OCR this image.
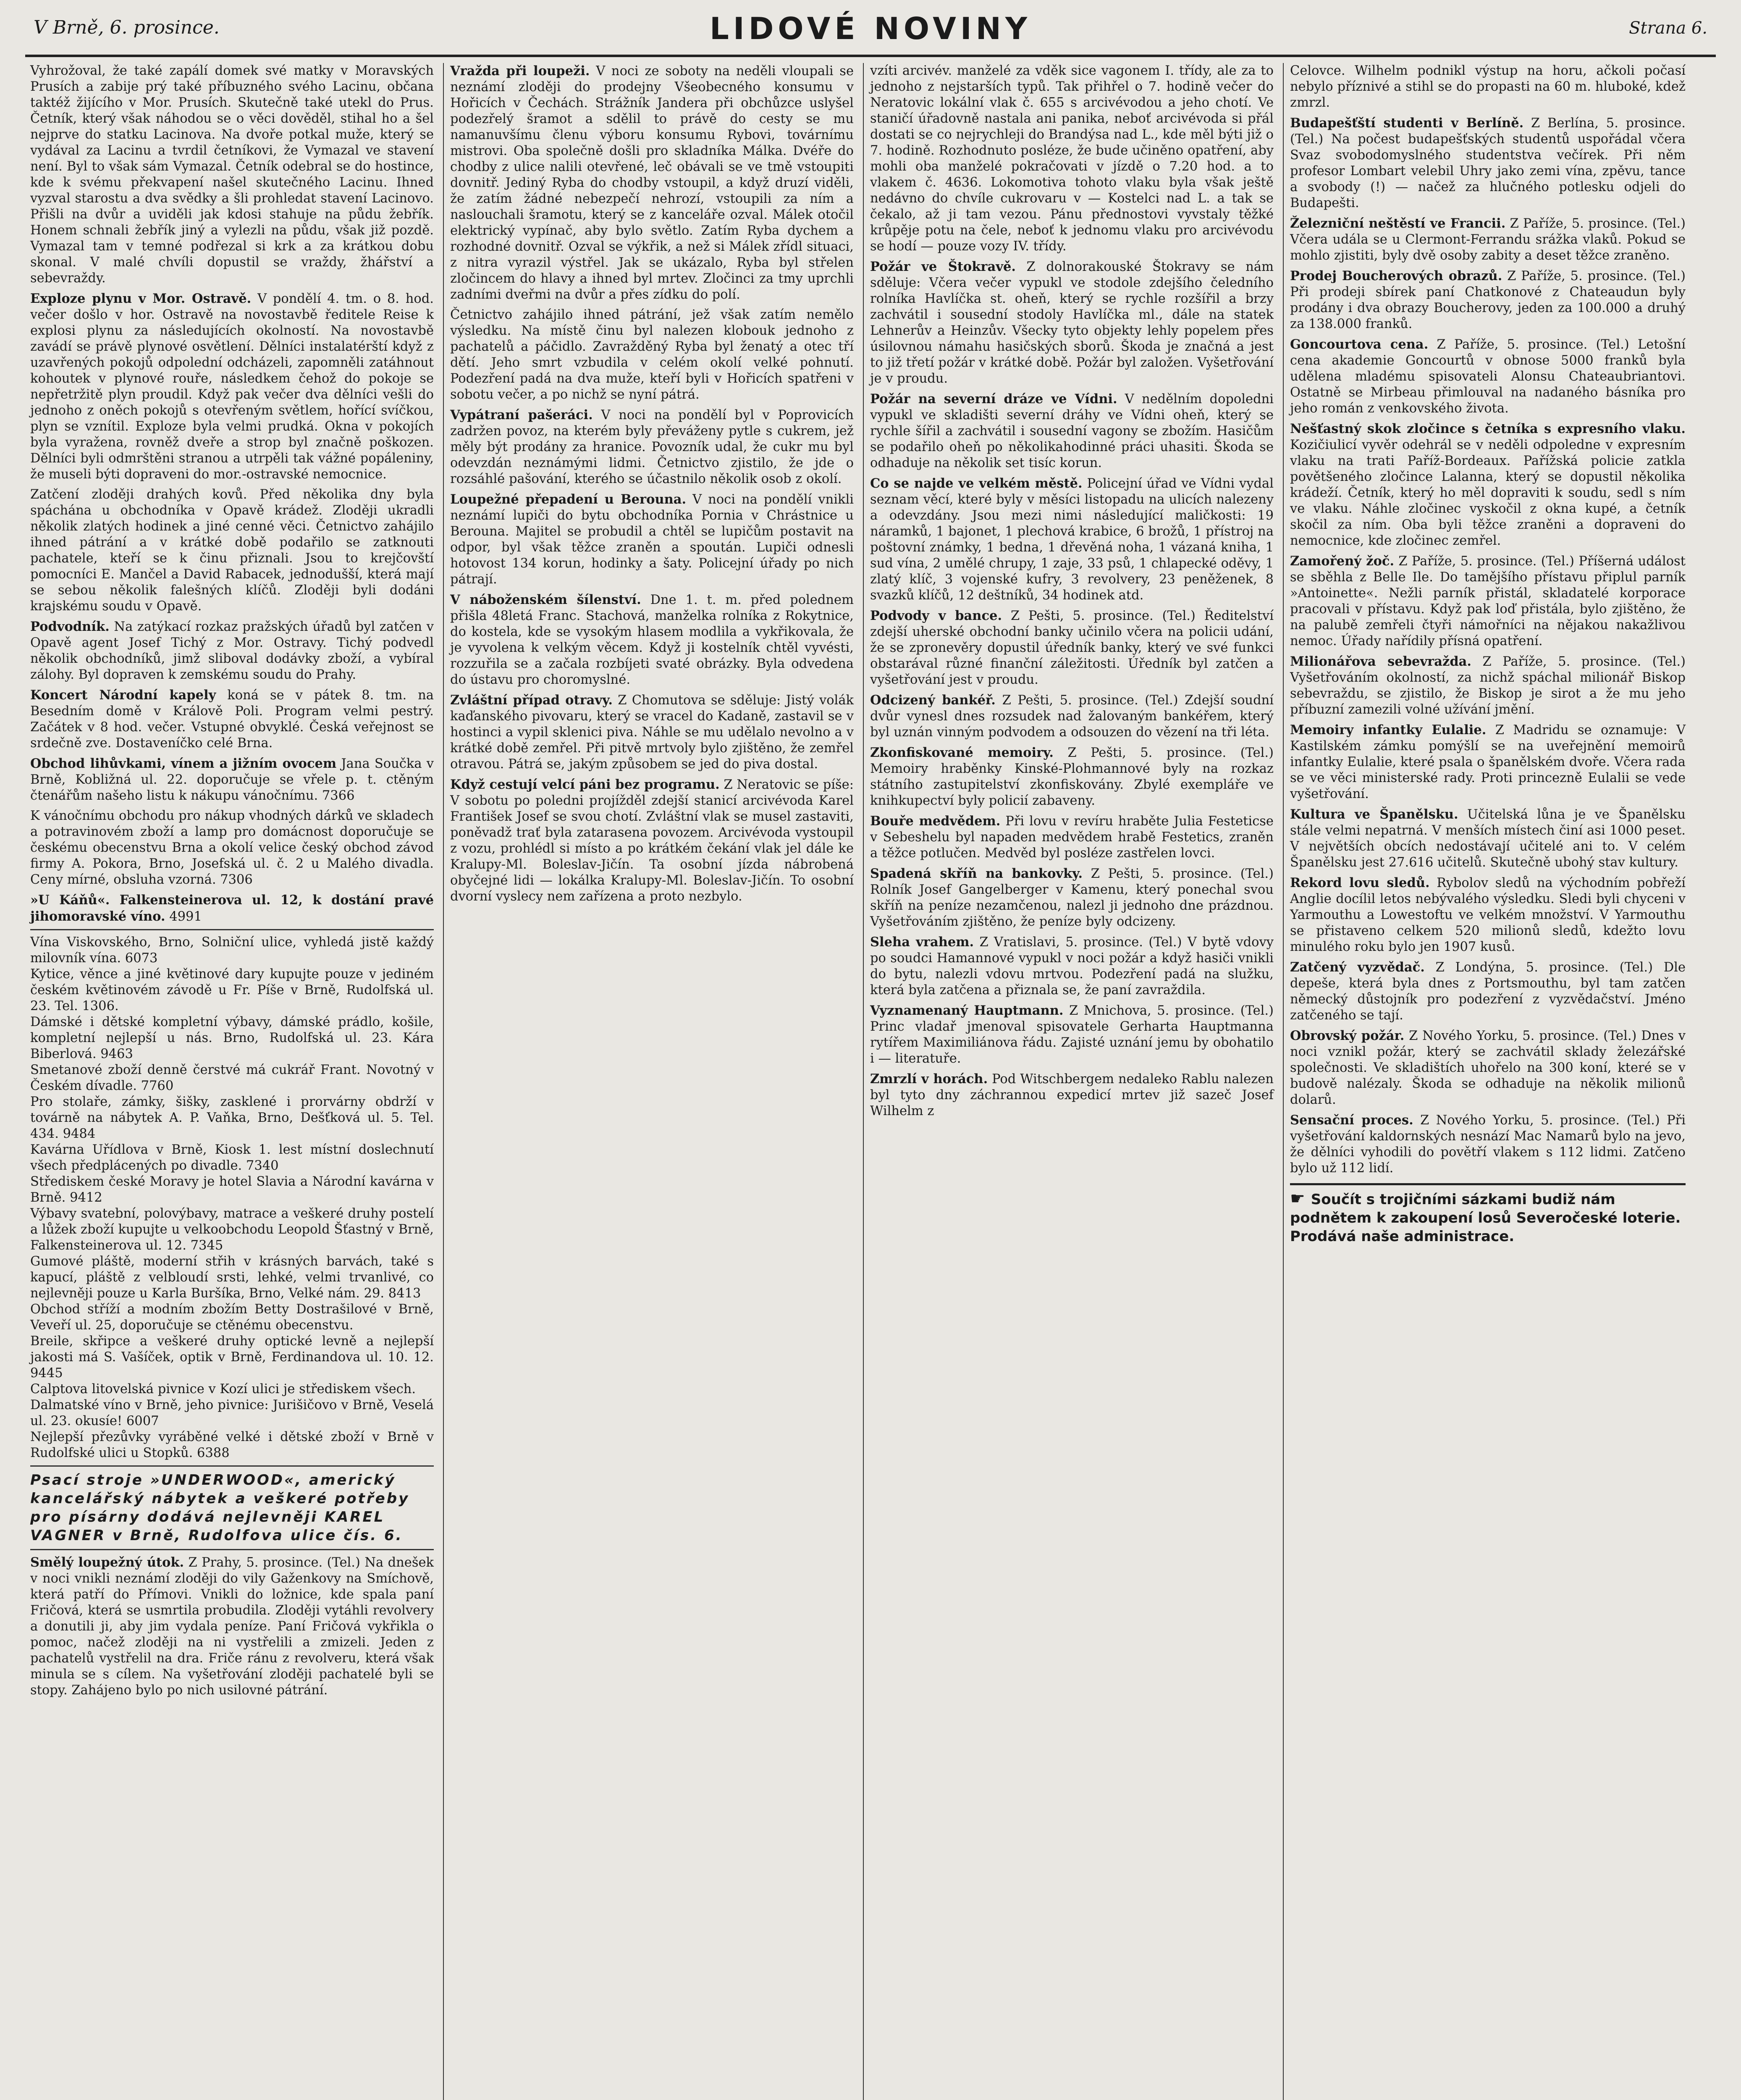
V Brně, 6. prosince.	LIDOVÉ NOVINY	Strana 6.

Vyhrožoval, že také zapálí domek své matky v Moravských Prusích a zabije prý také příbuzného svého Lacinu, občana taktéž žijícího v Mor. Prusích. Skutečně také utekl do Prus. Četník, který však náhodou se o věci dověděl, stihal ho a šel nejprve do statku Lacinova. Na dvoře potkal muže, který se vydával za Lacinu a tvrdil četníkovi, že Vymazal ve stavení není. Byl to však sám Vymazal. Četník odebral se do hostince, kde k svému překvapení našel skutečného Lacinu. Ihned vyzval starostu a dva svědky a šli prohledat stavení Lacinovo. Přišli na dvůr a uviděli jak kdosi stahuje na půdu žebřík. Honem schnali žebřík jiný a vylezli na půdu, však již pozdě. Vymazal tam v temné podřezal si krk a za krátkou dobu skonal. V malé chvíli dopustil se vraždy, žhářství a sebevraždy.

Exploze plynu v Mor. Ostravě. V pondělí 4. tm. o 8. hod. večer došlo v hor. Ostravě na novostavbě ředitele Reise k explosi plynu za následujících okolností. Na novostavbě zavádí se právě plynové osvětlení. Dělníci instalatérští když z uzavřených pokojů odpolední odcházeli, zapomněli zatáhnout kohoutek v plynové rouře, následkem čehož do pokoje se nepřetržitě plyn proudil. Když pak večer dva dělníci vešli do jednoho z oněch pokojů s otevřeným světlem, hořící svíčkou, plyn se vznítil. Exploze byla velmi prudká. Okna v pokojích byla vyražena, rovněž dveře a strop byl značně poškozen. Dělníci byli odmrštěni stranou a utrpěli tak vážné popáleniny, že museli býti dopraveni do mor.-ostravské nemocnice.

Zatčení zloději drahých kovů. Před několika dny byla spáchána u obchodníka v Opavě krádež. Zloději ukradli několik zlatých hodinek a jiné cenné věci. Četnictvo zahájilo ihned pátrání a v krátké době podařilo se zatknouti pachatele, kteří se k činu přiznali. Jsou to krejčovští pomocníci E. Mančel a David Rabacek, jednodušší, která mají se sebou několik falešných klíčů. Zloději byli dodáni krajskému soudu v Opavě.

Podvodník. Na zatýkací rozkaz pražských úřadů byl zatčen v Opavě agent Josef Tichý z Mor. Ostravy. Tichý podvedl několik obchodníků, jimž sliboval dodávky zboží, a vybíral zálohy. Byl dopraven k zemskému soudu do Prahy.

Koncert Národní kapely koná se v pátek 8. tm. na Besedním domě v Králově Poli. Program velmi pestrý. Začátek v 8 hod. večer. Vstupné obvyklé. Česká veřejnost se srdečně zve. Dostaveníčko celé Brna.

Obchod lihůvkami, vínem a jižním ovocem Jana Součka v Brně, Kobližná ul. 22. doporučuje se vřele p. t. ctěným čtenářům našeho listu k nákupu vánočnímu. 7366

K vánočnímu obchodu pro nákup vhodných dárků ve skladech a potravinovém zboží a lamp pro domácnost doporučuje se českému obecenstvu Brna a okolí velice český obchod závod firmy A. Pokora, Brno, Josefská ul. č. 2 u Malého divadla. Ceny mírné, obsluha vzorná. 7306

»U Káňů«. Falkensteinerova ul. 12, k dostání pravé jihomoravské víno. 4991

Vína Viskovského, Brno, Solniční ulice, vyhledá jistě každý milovník vína. 6073

Kytice, věnce a jiné květinové dary kupujte pouze v jediném českém květinovém závodě u Fr. Píše v Brně, Rudolfská ul. 23. Tel. 1306.

Dámské i dětské kompletní výbavy, dámské prádlo, košile, kompletní nejlepší u nás. Brno, Rudolfská ul. 23. Kára Biberlová. 9463

Smetanové zboží denně čerstvé má cukrář Frant. Novotný v Českém dívadle. 7760

Pro stolaře, zámky, šišky, zasklené i prorvárny obdrží v továrně na nábytek A. P. Vaňka, Brno, Dešťková ul. 5. Tel. 434. 9484

Kavárna Uřídlova v Brně, Kiosk 1. lest místní doslechnutí všech předplácených po divadle. 7340

Střediskem české Moravy je hotel Slavia a Národní kavárna v Brně. 9412

Výbavy svatební, polovýbavy, matrace a veškeré druhy postelí a lůžek zboží kupujte u velkoobchodu Leopold Šťastný v Brně, Falkensteinerova ul. 12. 7345

Gumové pláště, moderní střih v krásných barvách, také s kapucí, pláště z velbloudí srsti, lehké, velmi trvanlivé, co nejlevněji pouze u Karla Buršíka, Brno, Velké nám. 29. 8413

Obchod stříží a modním zbožím Betty Dostrašilové v Brně, Veveří ul. 25, doporučuje se ctěnému obecenstvu.

Breile, skřipce a veškeré druhy optické levně a nejlepší jakosti má S. Vašíček, optik v Brně, Ferdinandova ul. 10. 12. 9445

Calptova litovelská pivnice v Kozí ulici je střediskem všech.

Dalmatské víno v Brně, jeho pivnice: Jurišičovo v Brně, Veselá ul. 23. okusíe! 6007

Nejlepší přezůvky vyráběné velké i dětské zboží v Brně v Rudolfské ulici u Stopků. 6388

Psací stroje »UNDERWOOD«, americký kancelářský nábytek a veškeré potřeby pro písárny dodává nejlevněji KAREL VAGNER v Brně, Rudolfova ulice čís. 6.

Smělý loupežný útok. Z Prahy, 5. prosince. (Tel.) Na dnešek v noci vnikli neznámí zloději do vily Gaženkovy na Smíchově, která patří do Přímovi. Vnikli do ložnice, kde spala paní Fričová, která se usmrtila probudila. Zloději vytáhli revolvery a donutili ji, aby jim vydala peníze. Paní Fričová vykřikla o pomoc, načež zloději na ni vystřelili a zmizeli. Jeden z pachatelů vystřelil na dra. Friče ránu z revolveru, která však minula se s cílem. Na vyšetřování zloději pachatelé byli se stopy. Zahájeno bylo po nich usilovné pátrání.

Vražda při loupeži. V noci ze soboty na neděli vloupali se neznámí zloději do prodejny Všeobecného konsumu v Hořicích v Čechách. Strážník Jandera při obchůzce uslyšel podezřelý šramot a sdělil to právě do cesty se mu namanuvšímu členu výboru konsumu Rybovi, továrnímu mistrovi. Oba společně došli pro skladníka Málka. Dvéře do chodby z ulice nalili otevřené, leč obávali se ve tmě vstoupiti dovnitř. Jediný Ryba do chodby vstoupil, a když druzí viděli, že zatím žádné nebezpečí nehrozí, vstoupili za ním a naslouchali šramotu, který se z kanceláře ozval. Málek otočil elektrický vypínač, aby bylo světlo. Zatím Ryba dychem a rozhodné dovnitř. Ozval se výkřik, a než si Málek zřídl situaci, z nitra vyrazil výstřel. Jak se ukázalo, Ryba byl střelen zločincem do hlavy a ihned byl mrtev. Zločinci za tmy uprchli zadními dveřmi na dvůr a přes zídku do polí.

Četnictvo zahájilo ihned pátrání, jež však zatím nemělo výsledku. Na místě činu byl nalezen klobouk jednoho z pachatelů a páčidlo. Zavražděný Ryba byl ženatý a otec tří dětí. Jeho smrt vzbudila v celém okolí velké pohnutí. Podezření padá na dva muže, kteří byli v Hořicích spatřeni v sobotu večer, a po nichž se nyní pátrá.

Vypátraní pašeráci. V noci na pondělí byl v Poprovicích zadržen povoz, na kterém byly převáženy pytle s cukrem, jež měly být prodány za hranice. Povozník udal, že cukr mu byl odevzdán neznámými lidmi. Četnictvo zjistilo, že jde o rozsáhlé pašování, kterého se účastnilo několik osob z okolí.

Loupežné přepadení u Berouna. V noci na pondělí vnikli neznámí lupiči do bytu obchodníka Pornia v Chrástnice u Berouna. Majitel se probudil a chtěl se lupičům postavit na odpor, byl však těžce zraněn a spoután. Lupiči odnesli hotovost 134 korun, hodinky a šaty. Policejní úřady po nich pátrají.

V náboženském šílenství. Dne 1. t. m. před polednem přišla 48letá Franc. Stachová, manželka rolníka z Rokytnice, do kostela, kde se vysokým hlasem modlila a vykřikovala, že je vyvolena k velkým věcem. Když ji kostelník chtěl vyvésti, rozzuřila se a začala rozbíjeti svaté obrázky. Byla odvedena do ústavu pro choromyslné.

Zvláštní případ otravy. Z Chomutova se sděluje: Jistý volák kaďanského pivovaru, který se vracel do Kadaně, zastavil se v hostinci a vypil sklenici piva. Náhle se mu udělalo nevolno a v krátké době zemřel. Při pitvě mrtvoly bylo zjištěno, že zemřel otravou. Pátrá se, jakým způsobem se jed do piva dostal.

Když cestují velcí páni bez programu. Z Neratovic se píše: V sobotu po poledni projížděl zdejší stanicí arcivévoda Karel František Josef se svou chotí. Zvláštní vlak se musel zastaviti, poněvadž trať byla zatarasena povozem. Arcivévoda vystoupil z vozu, prohlédl si místo a po krátkém čekání vlak jel dále ke Kralupy-Ml. Boleslav-Jičín. Ta osobní jízda nábrobená obyčejné lidi — lokálka Kralupy-Ml. Boleslav-Jičín. To osobní dvorní vyslecy nem zařízena a proto nezbylo.

vzíti arcivév. manželé za vděk sice vagonem I. třídy, ale za to jednoho z nejstarších typů. Tak přihřel o 7. hodině večer do Neratovic lokální vlak č. 655 s arcivévodou a jeho chotí. Ve staničí úřadovně nastala ani panika, neboť arcivévoda si přál dostati se co nejrychleji do Brandýsa nad L., kde měl býti již o 7. hodině. Rozhodnuto posléze, že bude učiněno opatření, aby mohli oba manželé pokračovati v jízdě o 7.20 hod. a to vlakem č. 4636. Lokomotiva tohoto vlaku byla však ještě nedávno do chvíle cukrovaru v — Kostelci nad L. a tak se čekalo, až ji tam vezou. Pánu přednostovi vyvstaly těžké krůpěje potu na čele, neboť k jednomu vlaku pro arcivévodu se hodí — pouze vozy IV. třídy.

Požár ve Štokravě. Z dolnorakouské Štokravy se nám sděluje: Včera večer vypukl ve stodole zdejšího čeledního rolníka Havlíčka st. oheň, který se rychle rozšířil a brzy zachvátil i sousední stodoly Havlíčka ml., dále na statek Lehnerův a Heinzův. Všecky tyto objekty lehly popelem přes úsilovnou námahu hasičských sborů. Škoda je značná a jest to již třetí požár v krátké době. Požár byl založen. Vyšetřování je v proudu.

Požár na severní dráze ve Vídni. V nedělním dopoledni vypukl ve skladišti severní dráhy ve Vídni oheň, který se rychle šířil a zachvátil i sousední vagony se zbožím. Hasičům se podařilo oheň po několikahodinné práci uhasiti. Škoda se odhaduje na několik set tisíc korun.

Co se najde ve velkém městě. Policejní úřad ve Vídni vydal seznam věcí, které byly v měsíci listopadu na ulicích nalezeny a odevzdány. Jsou mezi nimi následující maličkosti: 19 náramků, 1 bajonet, 1 plechová krabice, 6 brožů, 1 přístroj na poštovní známky, 1 bedna, 1 dřevěná noha, 1 vázaná kniha, 1 sud vína, 2 umělé chrupy, 1 zaje, 33 psů, 1 chlapecké oděvy, 1 zlatý klíč, 3 vojenské kufry, 3 revolvery, 23 peněženek, 8 svazků klíčů, 12 deštníků, 34 hodinek atd.

Podvody v bance. Z Pešti, 5. prosince. (Tel.) Ředitelství zdejší uherské obchodní banky učinilo včera na policii udání, že se zpronevěry dopustil úředník banky, který ve své funkci obstarával různé finanční záležitosti. Úředník byl zatčen a vyšetřování jest v proudu.

Odcizený bankéř. Z Pešti, 5. prosince. (Tel.) Zdejší soudní dvůr vynesl dnes rozsudek nad žalovaným bankéřem, který byl uznán vinným podvodem a odsouzen do vězení na tři léta.

Zkonfiskované memoiry. Z Pešti, 5. prosince. (Tel.) Memoiry hraběnky Kinské-Plohmannové byly na rozkaz státního zastupitelství zkonfiskovány. Zbylé exempláře ve knihkupectví byly policií zabaveny.

Bouře medvědem. Při lovu v revíru hraběte Julia Festeticse v Sebeshelu byl napaden medvědem hrabě Festetics, zraněn a těžce potlučen. Medvěd byl posléze zastřelen lovci.

Spadená skříň na bankovky. Z Pešti, 5. prosince. (Tel.) Rolník Josef Gangelberger v Kamenu, který ponechal svou skříň na peníze nezamčenou, nalezl ji jednoho dne prázdnou. Vyšetřováním zjištěno, že peníze byly odcizeny.

Sleha vrahem. Z Vratislavi, 5. prosince. (Tel.) V bytě vdovy po soudci Hamannové vypukl v noci požár a když hasiči vnikli do bytu, nalezli vdovu mrtvou. Podezření padá na služku, která byla zatčena a přiznala se, že paní zavraždila.

Vyznamenaný Hauptmann. Z Mnichova, 5. prosince. (Tel.) Princ vladař jmenoval spisovatele Gerharta Hauptmanna rytířem Maximiliánova řádu. Zajisté uznání jemu by obohatilo i — literatuře.

Zmrzlí v horách. Pod Witschbergem nedaleko Rablu nalezen byl tyto dny záchrannou expedicí mrtev již sazeč Josef Wilhelm z

Celovce. Wilhelm podnikl výstup na horu, ačkoli počasí nebylo příznivé a stihl se do propasti na 60 m. hluboké, kdež zmrzl.

Budapešťští studenti v Berlíně. Z Berlína, 5. prosince. (Tel.) Na počest budapešťských studentů uspořádal včera Svaz svobodomyslného studentstva večírek. Při něm profesor Lombart velebil Uhry jako zemi vína, zpěvu, tance a svobody (!) — načež za hlučného potlesku odjeli do Budapešti.

Železniční neštěstí ve Francii. Z Paříže, 5. prosince. (Tel.) Včera udála se u Clermont-Ferrandu srážka vlaků. Pokud se mohlo zjistiti, byly dvě osoby zabity a deset těžce zraněno.

Prodej Boucherových obrazů. Z Paříže, 5. prosince. (Tel.) Při prodeji sbírek paní Chatkonové z Chateaudun byly prodány i dva obrazy Boucherovy, jeden za 100.000 a druhý za 138.000 franků.

Goncourtova cena. Z Paříže, 5. prosince. (Tel.) Letošní cena akademie Goncourtů v obnose 5000 franků byla udělena mladému spisovateli Alonsu Chateaubriantovi. Ostatně se Mirbeau přimlouval na nadaného básníka pro jeho román z venkovského života.

Nešťastný skok zločince s četníka s expresního vlaku. Kozičiulicí vyvěr odehrál se v neděli odpoledne v expresním vlaku na trati Paříž-Bordeaux. Pařížská policie zatkla povětšeného zločince Lalanna, který se dopustil několika krádeží. Četník, který ho měl dopraviti k soudu, sedl s ním ve vlaku. Náhle zločinec vyskočil z okna kupé, a četník skočil za ním. Oba byli těžce zraněni a dopraveni do nemocnice, kde zločinec zemřel.

Zamořený žoč. Z Paříže, 5. prosince. (Tel.) Příšerná událost se sběhla z Belle Ile. Do tamějšího přístavu připlul parník »Antoinette«. Nežli parník přistál, skladatelé korporace pracovali v přístavu. Když pak loď přistála, bylo zjištěno, že na palubě zemřeli čtyři námořníci na nějakou nakažlivou nemoc. Úřady nařídily přísná opatření.

Milionářova sebevražda. Z Paříže, 5. prosince. (Tel.) Vyšetřováním okolností, za nichž spáchal milionář Biskop sebevraždu, se zjistilo, že Biskop je sirot a že mu jeho příbuzní zamezili volné užívání jmění.

Memoiry infantky Eulalie. Z Madridu se oznamuje: V Kastilském zámku pomýšlí se na uveřejnění memoirů infantky Eulalie, které psala o španělském dvoře. Včera rada se ve věci ministerské rady. Proti princezně Eulalii se vede vyšetřování.

Kultura ve Španělsku. Učitelská lůna je ve Španělsku stále velmi nepatrná. V menších místech činí asi 1000 peset. V největších obcích nedostávají učitelé ani to. V celém Španělsku jest 27.616 učitelů. Skutečně ubohý stav kultury.

Rekord lovu sledů. Rybolov sledů na východním pobřeží Anglie docílil letos nebývalého výsledku. Sledi byli chyceni v Yarmouthu a Lowestoftu ve velkém množství. V Yarmouthu se přistaveno celkem 520 milionů sledů, kdežto lovu minulého roku bylo jen 1907 kusů.

Zatčený vyzvědač. Z Londýna, 5. prosince. (Tel.) Dle depeše, která byla dnes z Portsmouthu, byl tam zatčen německý důstojník pro podezření z vyzvědačství. Jméno zatčeného se tají.

Obrovský požár. Z Nového Yorku, 5. prosince. (Tel.) Dnes v noci vznikl požár, který se zachvátil sklady železářské společnosti. Ve skladištích uhořelo na 300 koní, které se v budově nalézaly. Škoda se odhaduje na několik milionů dolarů.

Sensační proces. Z Nového Yorku, 5. prosince. (Tel.) Při vyšetřování kaldornských nesnází Mac Namarů bylo na jevo, že dělníci vyhodili do povětří vlakem s 112 lidmi. Zatčeno bylo už 112 lidí.

☛ Součít s trojičními sázkami budiž nám podnětem k zakoupení losů Severočeské loterie. Prodává naše administrace.
